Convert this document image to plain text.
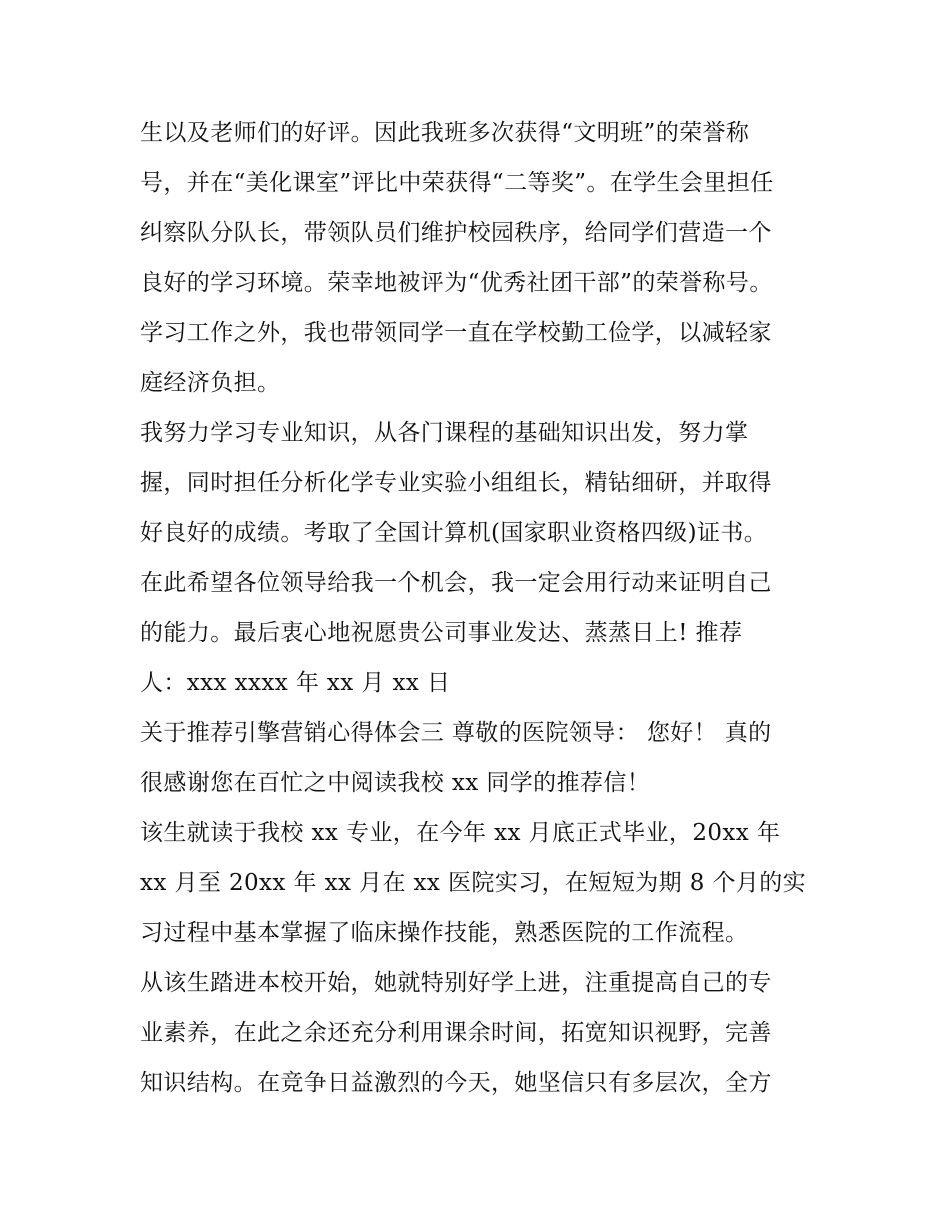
生以及老师们的好评。因此我班多次获得“文明班”的荣誉称
号，并在“美化课室”评比中荣获得“二等奖”。在学生会里担任
纠察队分队长，带领队员们维护校园秩序，给同学们营造一个
良好的学习环境。荣幸地被评为“优秀社团干部”的荣誉称号。
学习工作之外，我也带领同学一直在学校勤工俭学，以减轻家
庭经济负担。
我努力学习专业知识，从各门课程的基础知识出发，努力掌
握，同时担任分析化学专业实验小组组长，精钻细研，并取得
好良好的成绩。考取了全国计算机(国家职业资格四级)证书。
在此希望各位领导给我一个机会，我一定会用行动来证明自己
的能力。最后衷心地祝愿贵公司事业发达、蒸蒸日上! 推荐
人：xxx xxxx 年 xx 月 xx 日
关于推荐引擎营销心得体会三 尊敬的医院领导： 您好！ 真的
很感谢您在百忙之中阅读我校 xx 同学的推荐信！
该生就读于我校 xx 专业，在今年 xx 月底正式毕业，20xx 年
xx 月至 20xx 年 xx 月在 xx 医院实习，在短短为期 8 个月的实
习过程中基本掌握了临床操作技能，熟悉医院的工作流程。
从该生踏进本校开始，她就特别好学上进，注重提高自己的专
业素养，在此之余还充分利用课余时间，拓宽知识视野，完善
知识结构。在竞争日益激烈的今天，她坚信只有多层次，全方
